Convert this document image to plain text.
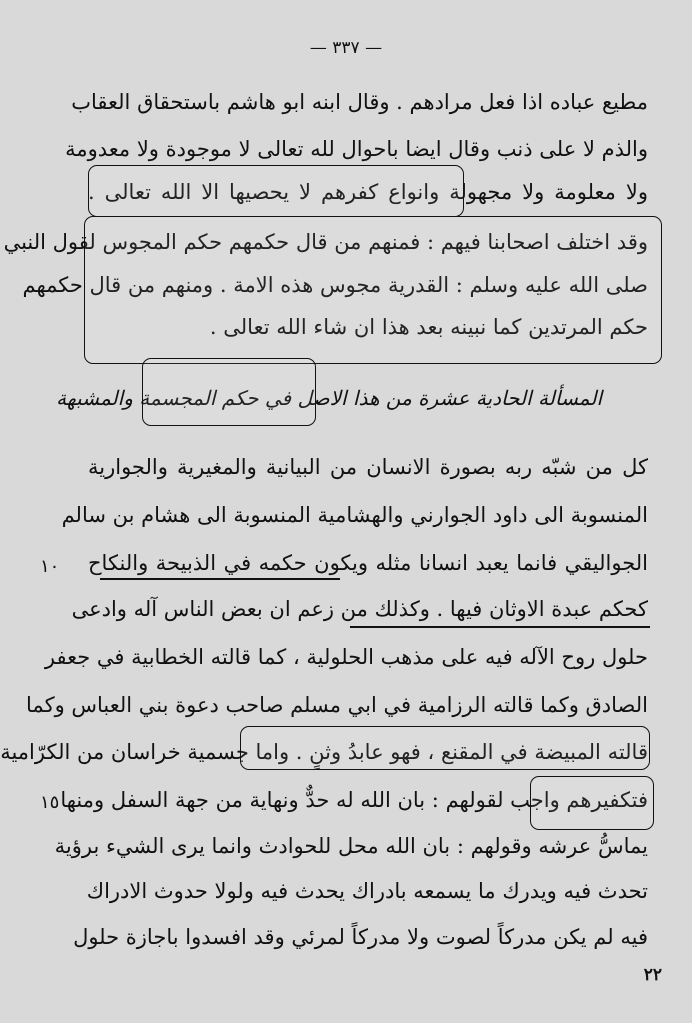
— ٣٣٧ —
مطيع عباده اذا فعل مرادهم . وقال ابنه ابو هاشم باستحقاق العقاب
والذم لا على ذنب وقال ايضا باحوال لله تعالى لا موجودة ولا معدومة
ولا معلومة ولا مجهولة وانواع كفرهم لا يحصيها الا الله تعالى .
وقد اختلف اصحابنا فيهم : فمنهم من قال حكمهم حكم المجوس لقول النبي
صلى الله عليه وسلم : القدرية مجوس هذه الامة . ومنهم من قال حكمهم
حكم المرتدين كما نبينه بعد هذا ان شاء الله تعالى .
المسألة الحادية عشرة من هذا الاصل في حكم المجسمة والمشبهة
كل من شبّه ربه بصورة الانسان من البيانية والمغيرية والجوارية
المنسوبة الى داود الجوارني والهشامية المنسوبة الى هشام بن سالم
الجواليقي فانما يعبد انسانا مثله ويكون حكمه في الذبيحة والنكاح
كحكم عبدة الاوثان فيها . وكذلك من زعم ان بعض الناس آله وادعى
حلول روح الآله فيه على مذهب الحلولية ، كما قالته الخطابية في جعفر
الصادق وكما قالته الرزامية في ابي مسلم صاحب دعوة بني العباس وكما
قالته المبيضة في المقنع ، فهو عابدُ وثنٍ . واما جسمية خراسان من الكرّامية
فتكفيرهم واجب لقولهم : بان الله له حدٌّ ونهاية من جهة السفل ومنها
يماسُّ عرشه وقولهم : بان الله محل للحوادث وانما يرى الشيء برؤية
تحدث فيه ويدرك ما يسمعه بادراك يحدث فيه ولولا حدوث الادراك
فيه لم يكن مدركاً لصوت ولا مدركاً لمرئي وقد افسدوا باجازة حلول
١٠
١٥
٢٢
